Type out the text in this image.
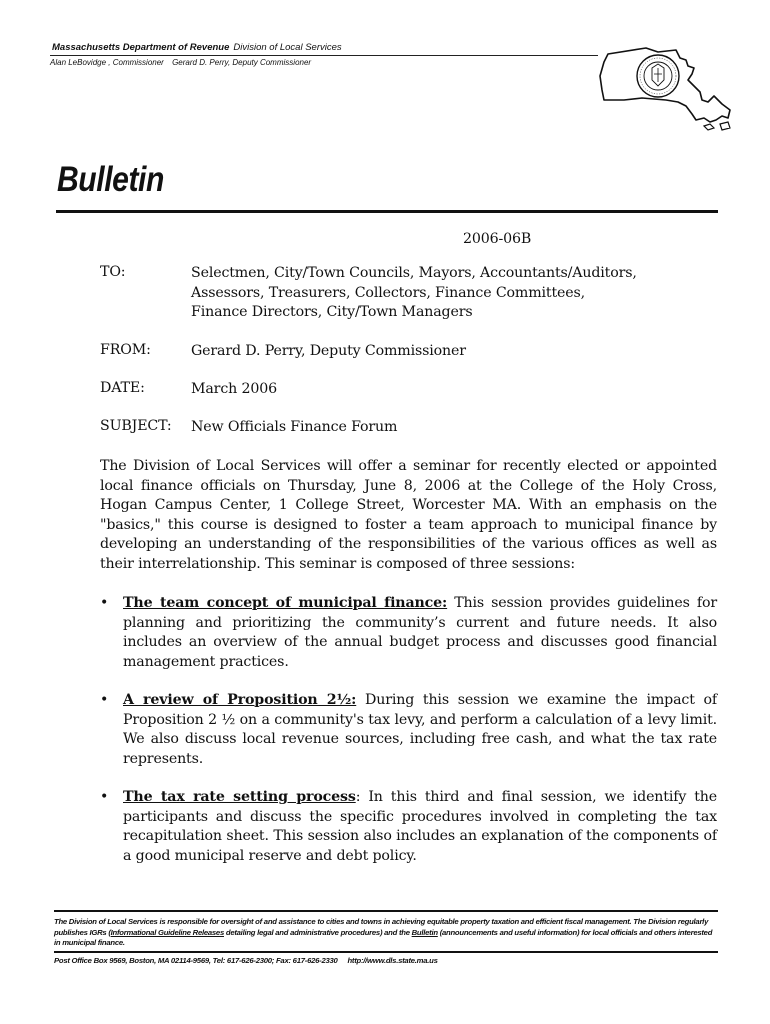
Massachusetts Department of Revenue Division of Local Services
Alan LeBovidge , Commissioner Gerard D. Perry, Deputy Commissioner
Bulletin
2006-06B
TO:	Selectmen, City/Town Councils, Mayors, Accountants/Auditors,
Assessors, Treasurers, Collectors, Finance Committees,
Finance Directors, City/Town Managers
FROM:	Gerard D. Perry, Deputy Commissioner
DATE:	March 2006
SUBJECT: New Officials Finance Forum

The Division of Local Services will offer a seminar for recently elected or appointed local finance officials on Thursday, June 8, 2006 at the College of the Holy Cross, Hogan Campus Center, 1 College Street, Worcester MA. With an emphasis on the "basics," this course is designed to foster a team approach to municipal finance by developing an understanding of the responsibilities of the various offices as well as their interrelationship. This seminar is composed of three sessions:

• The team concept of municipal finance: This session provides guidelines for planning and prioritizing the community’s current and future needs. It also includes an overview of the annual budget process and discusses good financial management practices.
• A review of Proposition 2½: During this session we examine the impact of Proposition 2 ½ on a community's tax levy, and perform a calculation of a levy limit. We also discuss local revenue sources, including free cash, and what the tax rate represents.
• The tax rate setting process: In this third and final session, we identify the participants and discuss the specific procedures involved in completing the tax recapitulation sheet. This session also includes an explanation of the components of a good municipal reserve and debt policy.

The Division of Local Services is responsible for oversight of and assistance to cities and towns in achieving equitable property taxation and efficient fiscal management. The Division regularly publishes IGRs (Informational Guideline Releases detailing legal and administrative procedures) and the Bulletin (announcements and useful information) for local officials and others interested in municipal finance.

Post Office Box 9569, Boston, MA 02114-9569, Tel: 617-626-2300; Fax: 617-626-2330 http://www.dls.state.ma.us
